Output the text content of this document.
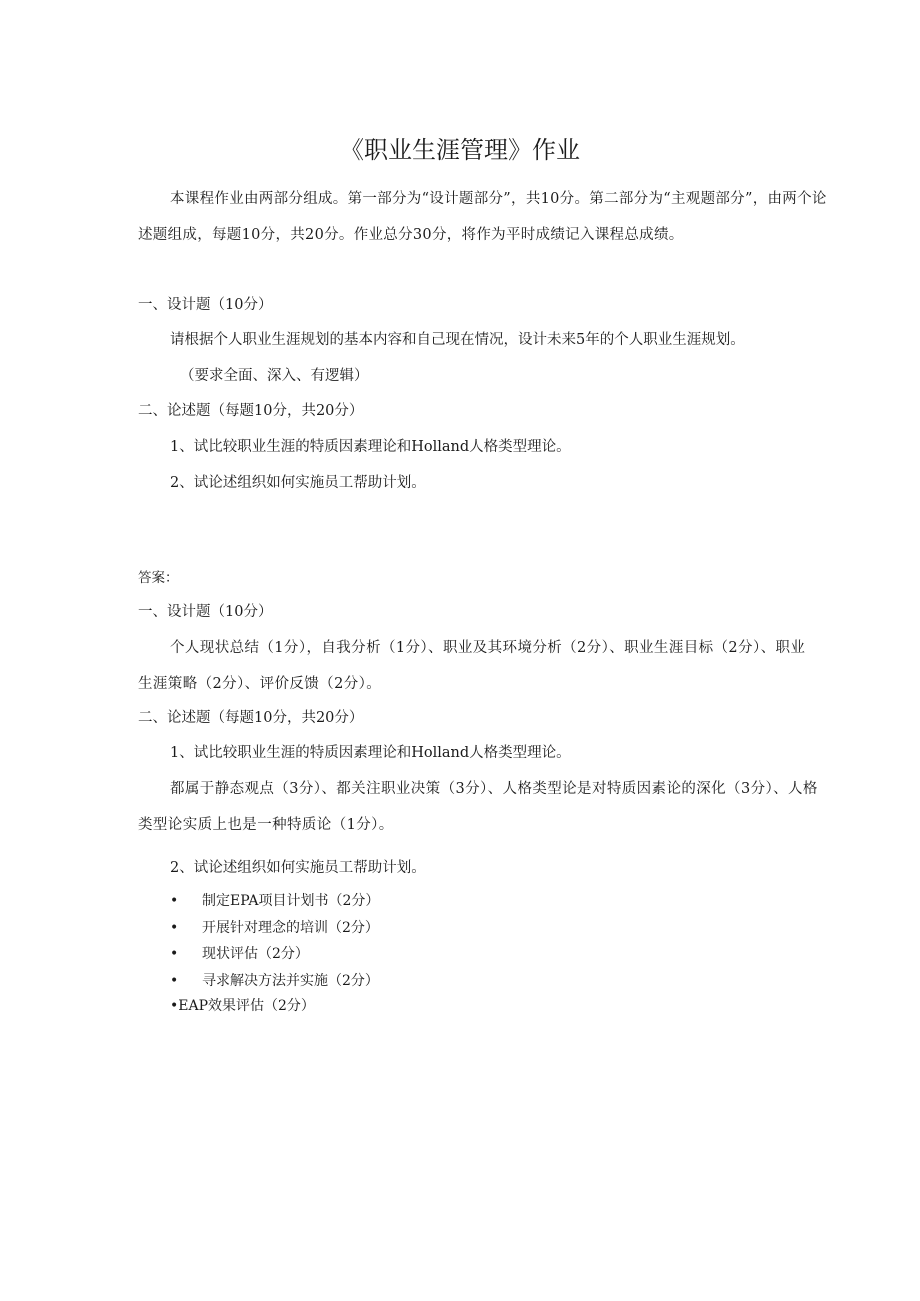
《职业生涯管理》作业

本课程作业由两部分组成。第一部分为“设计题部分”，共10分。第二部分为“主观题部分”，由两个论述题组成，每题10分，共20分。作业总分30分，将作为平时成绩记入课程总成绩。

一、设计题（10分）

请根据个人职业生涯规划的基本内容和自己现在情况，设计未来5年的个人职业生涯规划。

（要求全面、深入、有逻辑）

二、论述题（每题10分，共20分）

1、试比较职业生涯的特质因素理论和Holland人格类型理论。

2、试论述组织如何实施员工帮助计划。

答案：

一、设计题（10分）

个人现状总结（1分），自我分析（1分）、职业及其环境分析（2分）、职业生涯目标（2分）、职业生涯策略（2分）、评价反馈（2分）。

二、论述题（每题10分，共20分）

1、试比较职业生涯的特质因素理论和Holland人格类型理论。

都属于静态观点（3分）、都关注职业决策（3分）、人格类型论是对特质因素论的深化（3分）、人格类型论实质上也是一种特质论（1分）。

2、试论述组织如何实施员工帮助计划。

•	制定EPA项目计划书（2分）
•	开展针对理念的培训（2分）
•	现状评估（2分）
•	寻求解决方法并实施（2分）

•EAP效果评估（2分）
